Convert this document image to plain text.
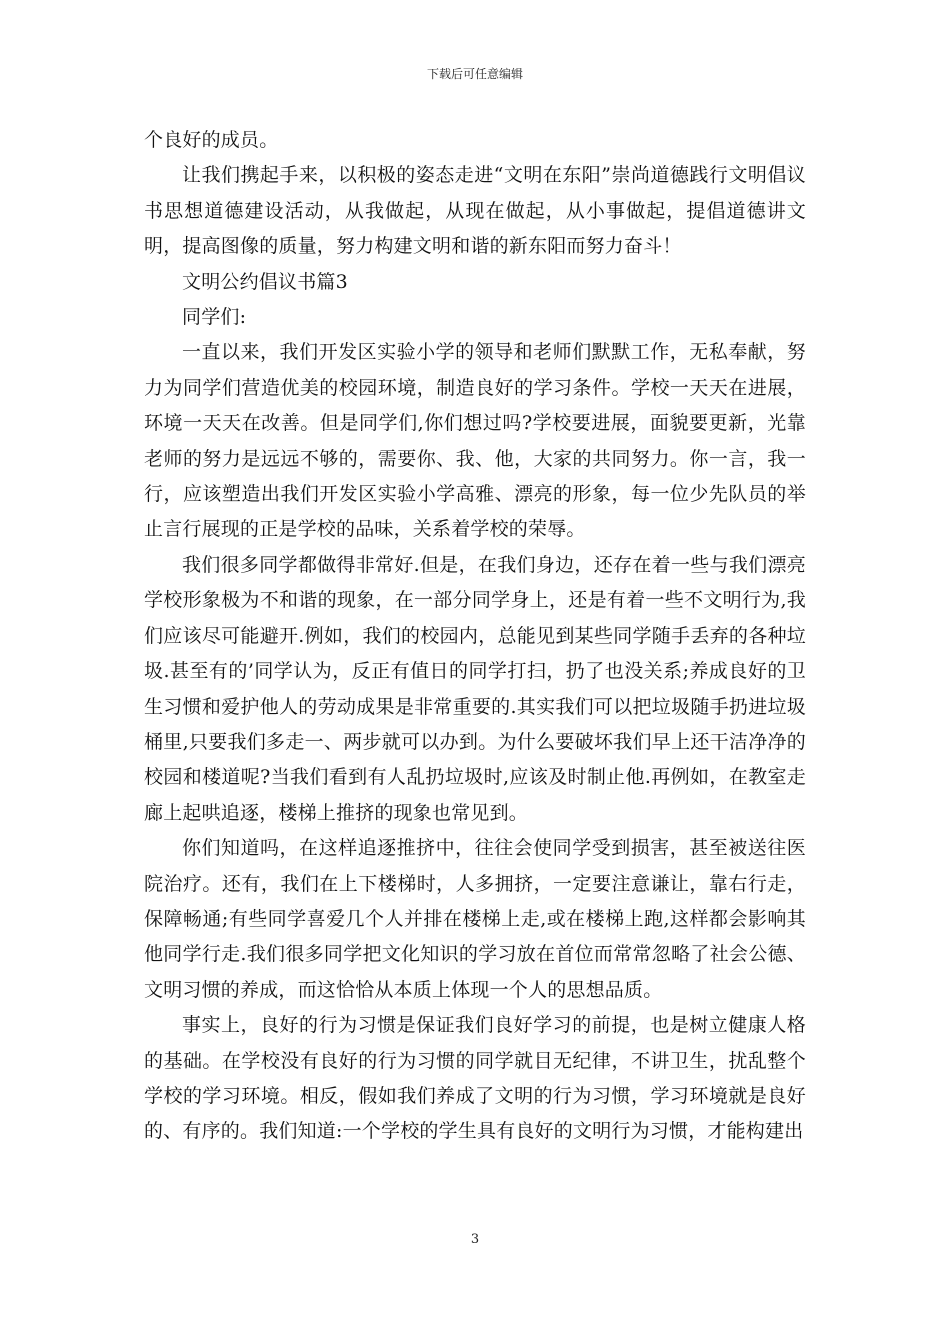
下载后可任意编辑

个良好的成员。

让我们携起手来，以积极的姿态走进“文明在东阳”崇尚道德践行文明倡议书思想道德建设活动，从我做起，从现在做起，从小事做起，提倡道德讲文明，提高图像的质量，努力构建文明和谐的新东阳而努力奋斗！

文明公约倡议书篇3

同学们:

一直以来，我们开发区实验小学的领导和老师们默默工作，无私奉献，努力为同学们营造优美的校园环境，制造良好的学习条件。学校一天天在进展，环境一天天在改善。但是同学们,你们想过吗?学校要进展，面貌要更新，光靠老师的努力是远远不够的，需要你、我、他，大家的共同努力。你一言，我一行，应该塑造出我们开发区实验小学高雅、漂亮的形象，每一位少先队员的举止言行展现的正是学校的品味，关系着学校的荣辱。

我们很多同学都做得非常好.但是，在我们身边，还存在着一些与我们漂亮学校形象极为不和谐的现象，在一部分同学身上，还是有着一些不文明行为,我们应该尽可能避开.例如，我们的校园内，总能见到某些同学随手丢弃的各种垃圾.甚至有的’同学认为，反正有值日的同学打扫，扔了也没关系;养成良好的卫生习惯和爱护他人的劳动成果是非常重要的.其实我们可以把垃圾随手扔进垃圾桶里,只要我们多走一、两步就可以办到。为什么要破坏我们早上还干洁净净的校园和楼道呢?当我们看到有人乱扔垃圾时,应该及时制止他.再例如，在教室走廊上起哄追逐，楼梯上推挤的现象也常见到。

你们知道吗，在这样追逐推挤中，往往会使同学受到损害，甚至被送往医院治疗。还有，我们在上下楼梯时，人多拥挤，一定要注意谦让，靠右行走，保障畅通;有些同学喜爱几个人并排在楼梯上走,或在楼梯上跑,这样都会影响其他同学行走.我们很多同学把文化知识的学习放在首位而常常忽略了社会公德、文明习惯的养成，而这恰恰从本质上体现一个人的思想品质。

事实上，良好的行为习惯是保证我们良好学习的前提，也是树立健康人格的基础。在学校没有良好的行为习惯的同学就目无纪律，不讲卫生，扰乱整个学校的学习环境。相反，假如我们养成了文明的行为习惯，学习环境就是良好的、有序的。我们知道:一个学校的学生具有良好的文明行为习惯，才能构建出

3
